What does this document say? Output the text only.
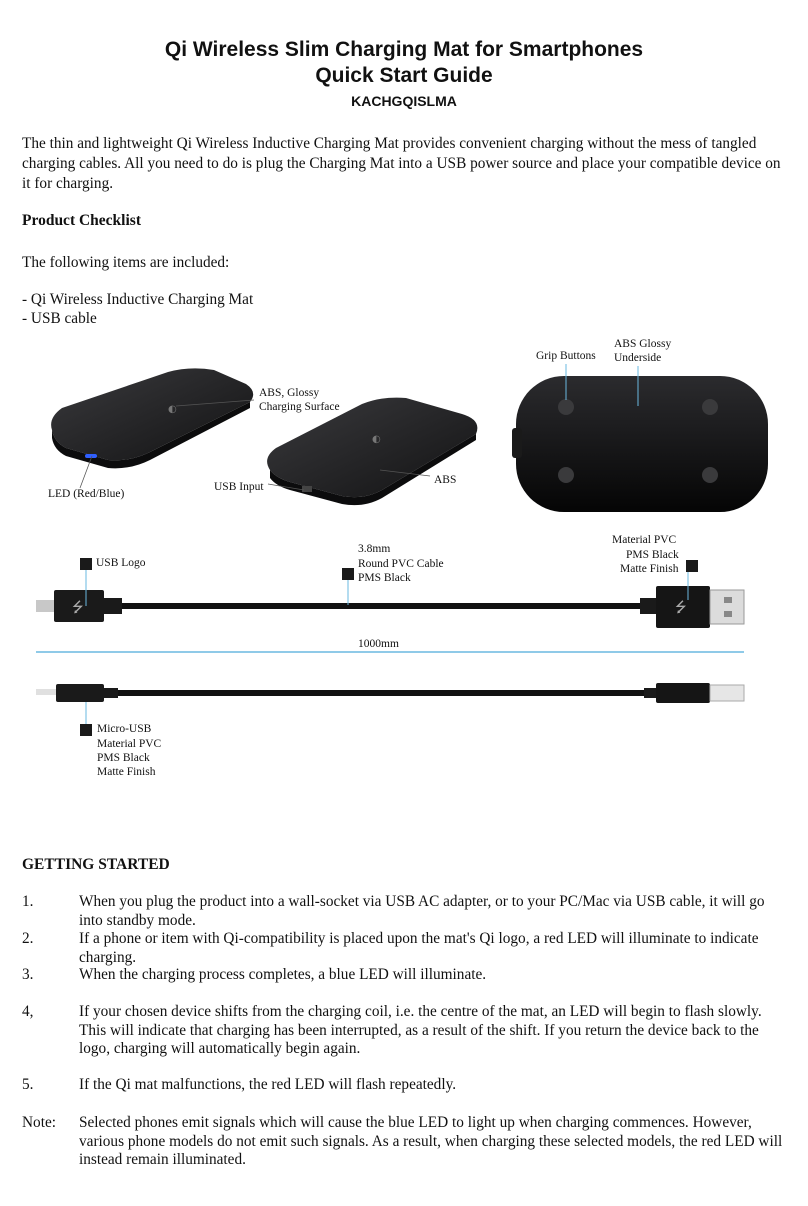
Qi Wireless Slim Charging Mat for Smartphones
Quick Start Guide
KACHGQISLMA
The thin and lightweight Qi Wireless Inductive Charging Mat provides convenient charging without the mess of tangled charging cables. All you need to do is plug the Charging Mat into a USB power source and place your compatible device on it for charging.
Product Checklist
The following items are included:
- Qi Wireless Inductive Charging Mat
- USB cable
◐
◐
ABS, Glossy
Charging Surface
LED (Red/Blue)
USB Input
ABS
Grip Buttons
ABS Glossy
Underside
⭍	⭍
USB Logo
3.8mm
Round PVC Cable
PMS Black
Material PVC
PMS Black
Matte Finish
1000mm
Micro-USB
Material PVC
PMS Black
Matte Finish
GETTING STARTED
1.	When you plug the product into a wall-socket via USB AC adapter, or to your PC/Mac via USB cable, it will go into standby mode.
2.	If a phone or item with Qi-compatibility is placed upon the mat's Qi logo, a red LED will illuminate to indicate charging.
3.	When the charging process completes, a blue LED will illuminate.
4,	If your chosen device shifts from the charging coil, i.e. the centre of the mat, an LED will begin to flash slowly. This will indicate that charging has been interrupted, as a result of the shift. If you return the device back to the logo, charging will automatically begin again.
5.	If the Qi mat malfunctions, the red LED will flash repeatedly.
Note: Selected phones emit signals which will cause the blue LED to light up when charging commences. However, various phone models do not emit such signals. As a result, when charging these selected models, the red LED will instead remain illuminated.
